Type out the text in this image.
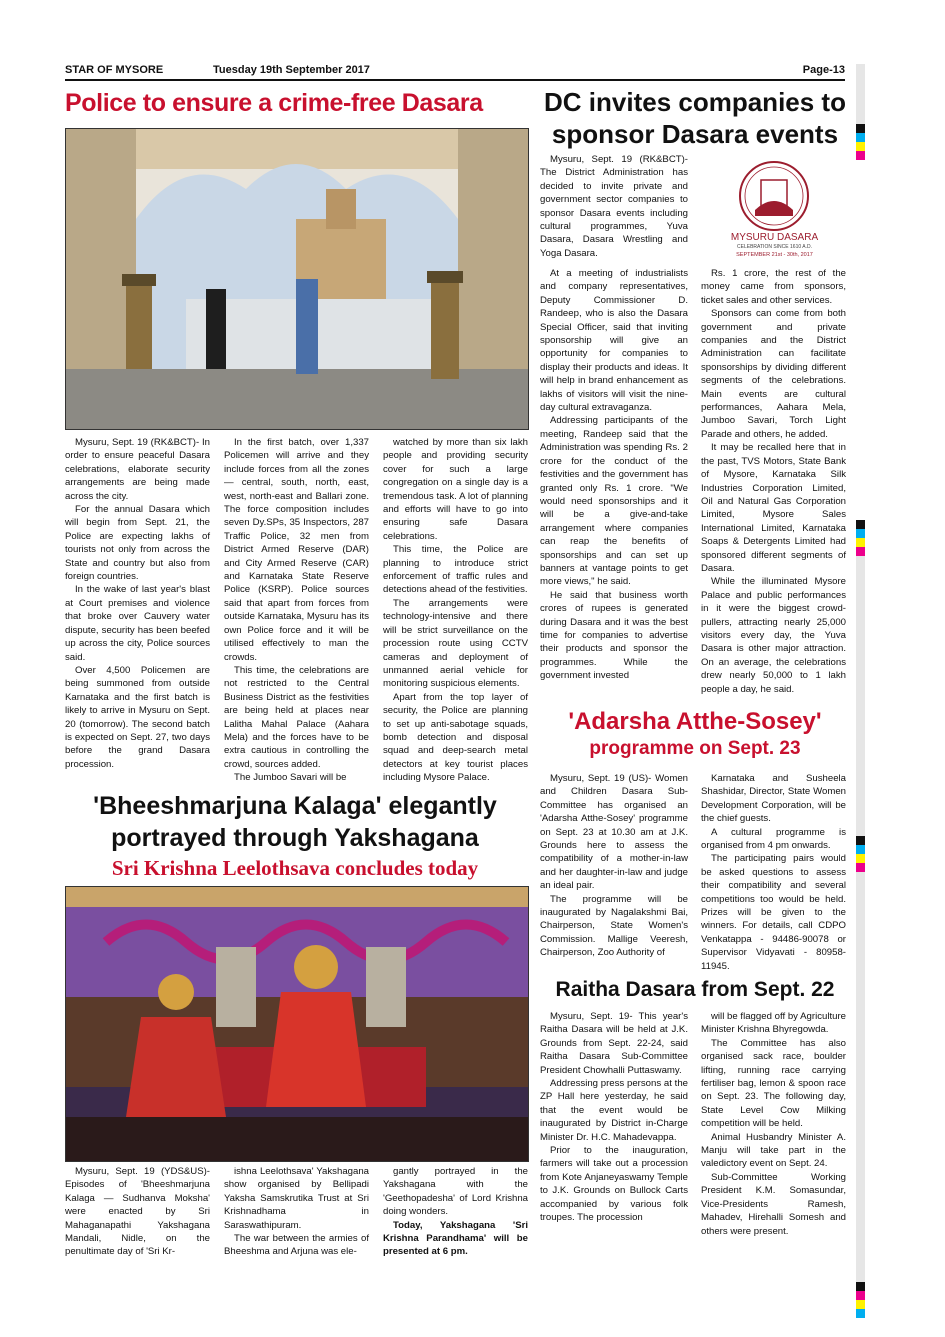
STAR OF MYSORE	Tuesday 19th September 2017	Page-13
Police to ensure a crime-free Dasara

Mysuru, Sept. 19 (RK&BCT)- In order to ensure peaceful Dasara celebrations, elaborate security arrangements are being made across the city.

For the annual Dasara which will begin from Sept. 21, the Police are expecting lakhs of tourists not only from across the State and country but also from foreign countries.

In the wake of last year's blast at Court premises and violence that broke over Cauvery water dispute, security has been beefed up across the city, Police sources said.

Over 4,500 Policemen are being summoned from outside Karnataka and the first batch is likely to arrive in Mysuru on Sept. 20 (tomorrow). The second batch is expected on Sept. 27, two days before the grand Dasara procession.

In the first batch, over 1,337 Policemen will arrive and they include forces from all the zones — central, south, north, east, west, north-east and Ballari zone. The force composition includes seven Dy.SPs, 35 Inspectors, 287 Traffic Police, 32 men from District Armed Reserve (DAR) and City Armed Reserve (CAR) and Karnataka State Reserve Police (KSRP). Police sources said that apart from forces from outside Karnataka, Mysuru has its own Police force and it will be utilised effectively to man the crowds.

This time, the celebrations are not restricted to the Central Business District as the festivities are being held at places near Lalitha Mahal Palace (Aahara Mela) and the forces have to be extra cautious in controlling the crowd, sources added.

The Jumboo Savari will be

watched by more than six lakh people and providing security cover for such a large congregation on a single day is a tremendous task. A lot of planning and efforts will have to go into ensuring safe Dasara celebrations.

This time, the Police are planning to introduce strict enforcement of traffic rules and detections ahead of the festivities.

The arrangements were technology-intensive and there will be strict surveillance on the procession route using CCTV cameras and deployment of unmanned aerial vehicle for monitoring suspicious elements.

Apart from the top layer of security, the Police are planning to set up anti-sabotage squads, bomb detection and disposal squad and deep-search metal detectors at key tourist places including Mysore Palace.

DC invites companies to
sponsor Dasara events

Mysuru, Sept. 19 (RK&BCT)- The District Administration has decided to invite private and government sector companies to sponsor Dasara events including cultural programmes, Yuva Dasara, Dasara Wrestling and Yoga Dasara.

MYSURU DASARA
CELEBRATION SINCE 1610 A.D.
SEPTEMBER 21st - 30th, 2017

At a meeting of industrialists and company representatives, Deputy Commissioner D. Randeep, who is also the Dasara Special Officer, said that inviting sponsorship will give an opportunity for companies to display their products and ideas. It will help in brand enhancement as lakhs of visitors will visit the nine-day cultural extravaganza.

Addressing participants of the meeting, Randeep said that the Administration was spending Rs. 2 crore for the conduct of the festivities and the government has granted only Rs. 1 crore. "We would need sponsorships and it will be a give-and-take arrangement where companies can reap the benefits of sponsorships and can set up banners at vantage points to get more views," he said.

He said that business worth crores of rupees is generated during Dasara and it was the best time for companies to advertise their products and sponsor the programmes. While the government invested

Rs. 1 crore, the rest of the money came from sponsors, ticket sales and other services.

Sponsors can come from both government and private companies and the District Administration can facilitate sponsorships by dividing different segments of the celebrations. Main events are cultural performances, Aahara Mela, Jumboo Savari, Torch Light Parade and others, he added.

It may be recalled here that in the past, TVS Motors, State Bank of Mysore, Karnataka Silk Industries Corporation Limited, Oil and Natural Gas Corporation Limited, Mysore Sales International Limited, Karnataka Soaps & Detergents Limited had sponsored different segments of Dasara.

While the illuminated Mysore Palace and public performances in it were the biggest crowd-pullers, attracting nearly 25,000 visitors every day, the Yuva Dasara is other major attraction. On an average, the celebrations drew nearly 50,000 to 1 lakh people a day, he said.

'Adarsha Atthe-Sosey'
programme on Sept. 23

Mysuru, Sept. 19 (US)- Women and Children Dasara Sub-Committee has organised an 'Adarsha Atthe-Sosey' programme on Sept. 23 at 10.30 am at J.K. Grounds here to assess the compatibility of a mother-in-law and her daughter-in-law and judge an ideal pair.

The programme will be inaugurated by Nagalakshmi Bai, Chairperson, State Women's Commission. Mallige Veeresh, Chairperson, Zoo Authority of

Karnataka and Susheela Shashidar, Director, State Women Development Corporation, will be the chief guests.

A cultural programme is organised from 4 pm onwards.

The participating pairs would be asked questions to assess their compatibility and several competitions too would be held. Prizes will be given to the winners. For details, call CDPO Venkatappa - 94486-90078 or Supervisor Vidyavati - 80958-11945.

'Bheeshmarjuna Kalaga' elegantly
portrayed through Yakshagana
Sri Krishna Leelothsava concludes today

Mysuru, Sept. 19 (YDS&US)- Episodes of 'Bheeshmarjuna Kalaga — Sudhanva Moksha' were enacted by Sri Mahaganapathi Yakshagana Mandali, Nidle, on the penultimate day of 'Sri Kr-

ishna Leelothsava' Yakshagana show organised by Bellipadi Yaksha Samskrutika Trust at Sri Krishnadhama in Saraswathipuram.

The war between the armies of Bheeshma and Arjuna was ele-

gantly portrayed in the Yakshagana with the 'Geethopadesha' of Lord Krishna doing wonders.

Today, Yakshagana 'Sri Krishna Parandhama' will be presented at 6 pm.

Raitha Dasara from Sept. 22

Mysuru, Sept. 19- This year's Raitha Dasara will be held at J.K. Grounds from Sept. 22-24, said Raitha Dasara Sub-Committee President Chowhalli Puttaswamy.

Addressing press persons at the ZP Hall here yesterday, he said that the event would be inaugurated by District in-Charge Minister Dr. H.C. Mahadevappa.

Prior to the inauguration, farmers will take out a procession from Kote Anjaneyaswamy Temple to J.K. Grounds on Bullock Carts accompanied by various folk troupes. The procession

will be flagged off by Agriculture Minister Krishna Bhyregowda.

The Committee has also organised sack race, boulder lifting, running race carrying fertiliser bag, lemon & spoon race on Sept. 23. The following day, State Level Cow Milking competition will be held.

Animal Husbandry Minister A. Manju will take part in the valedictory event on Sept. 24.

Sub-Committee Working President K.M. Somasundar, Vice-Presidents Ramesh, Mahadev, Hirehalli Somesh and others were present.
